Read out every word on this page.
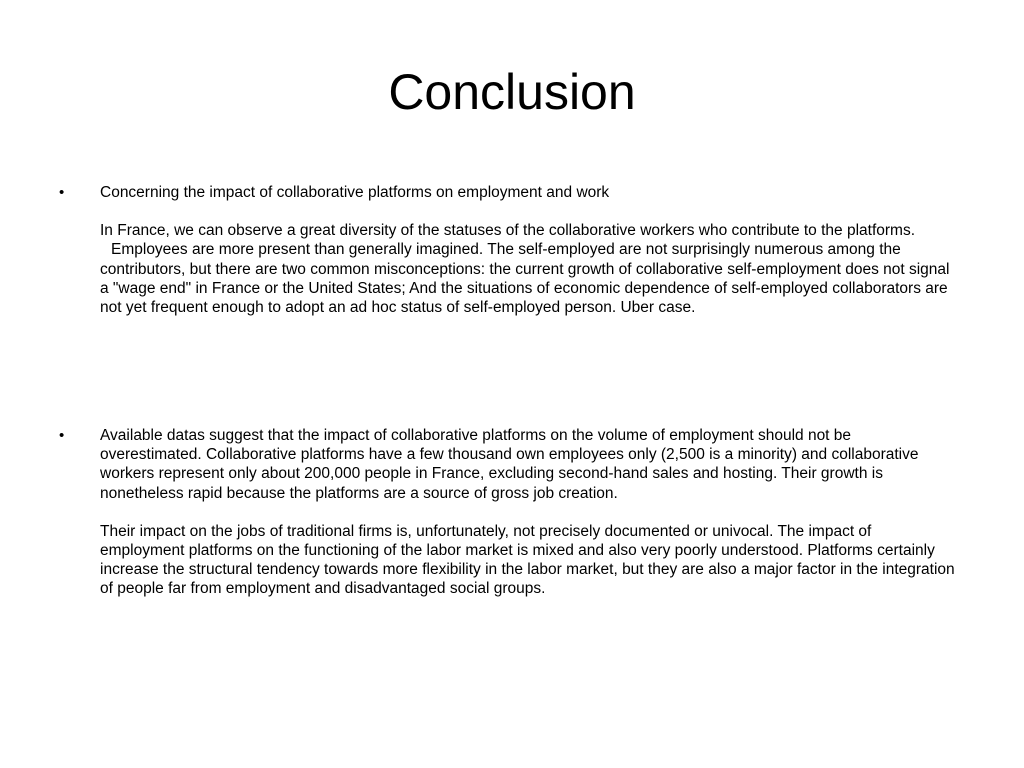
Conclusion
• Concerning the impact of collaborative platforms on employment and work

In France, we can observe a great diversity of the statuses of the collaborative workers who contribute to the platforms.

Employees are more present than generally imagined. The self-employed are not surprisingly numerous among the contributors, but there are two common misconceptions: the current growth of collaborative self-employment does not signal a "wage end" in France or the United States; And the situations of economic dependence of self-employed collaborators are not yet frequent enough to adopt an ad hoc status of self-employed person. Uber case.

• Available datas suggest that the impact of collaborative platforms on the volume of employment should not be overestimated. Collaborative platforms have a few thousand own employees only (2,500 is a minority) and collaborative workers represent only about 200,000 people in France, excluding second-hand sales and hosting. Their growth is nonetheless rapid because the platforms are a source of gross job creation.

Their impact on the jobs of traditional firms is, unfortunately, not precisely documented or univocal. The impact of employment platforms on the functioning of the labor market is mixed and also very poorly understood. Platforms certainly increase the structural tendency towards more flexibility in the labor market, but they are also a major factor in the integration of people far from employment and disadvantaged social groups.
